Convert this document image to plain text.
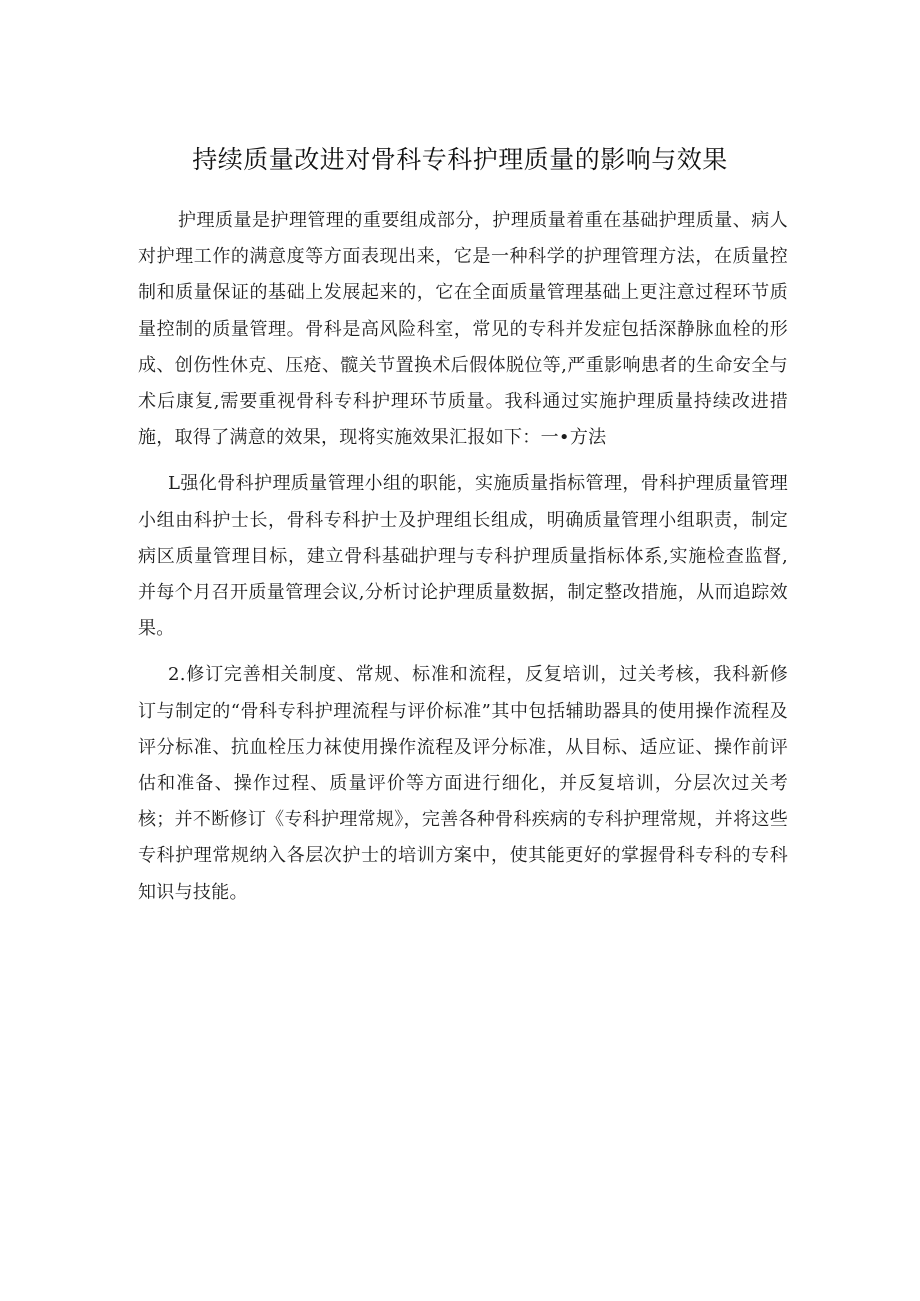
持续质量改进对骨科专科护理质量的影响与效果

护理质量是护理管理的重要组成部分，护理质量着重在基础护理质量、病人对护理工作的满意度等方面表现出来，它是一种科学的护理管理方法，在质量控制和质量保证的基础上发展起来的，它在全面质量管理基础上更注意过程环节质量控制的质量管理。骨科是高风险科室，常见的专科并发症包括深静脉血栓的形成、创伤性休克、压疮、髋关节置换术后假体脱位等,严重影响患者的生命安全与术后康复,需要重视骨科专科护理环节质量。我科通过实施护理质量持续改进措施，取得了满意的效果，现将实施效果汇报如下：一•方法

L强化骨科护理质量管理小组的职能，实施质量指标管理，骨科护理质量管理小组由科护士长，骨科专科护士及护理组长组成，明确质量管理小组职责，制定病区质量管理目标，建立骨科基础护理与专科护理质量指标体系,实施检查监督,并每个月召开质量管理会议,分析讨论护理质量数据，制定整改措施，从而追踪效果。

2.修订完善相关制度、常规、标准和流程，反复培训，过关考核，我科新修订与制定的“骨科专科护理流程与评价标准”其中包括辅助器具的使用操作流程及评分标准、抗血栓压力袜使用操作流程及评分标准，从目标、适应证、操作前评估和准备、操作过程、质量评价等方面进行细化，并反复培训，分层次过关考核；并不断修订《专科护理常规》，完善各种骨科疾病的专科护理常规，并将这些专科护理常规纳入各层次护士的培训方案中，使其能更好的掌握骨科专科的专科知识与技能。
